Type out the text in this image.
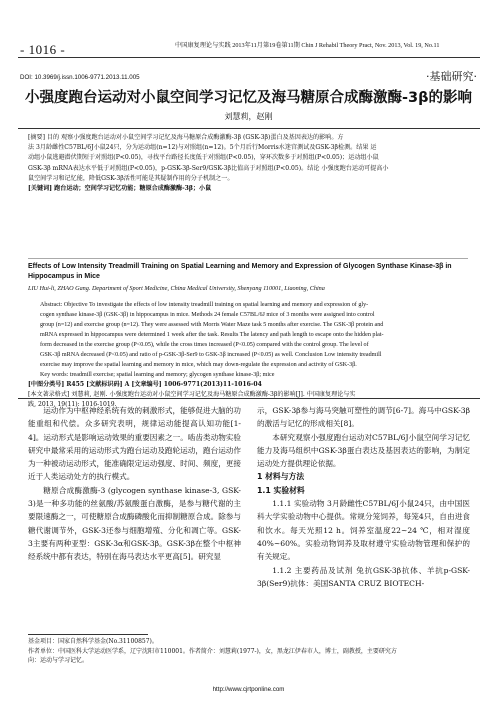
- 1016 -	中国康复理论与实践 2013年11月第19卷第11期 Chin J Rehabil Theory Pract, Nov. 2013, Vol. 19, No.11
DOI: 10.3969/j.issn.1006-9771.2013.11.005	·基础研究·
小强度跑台运动对小鼠空间学习记忆及海马糖原合成酶激酶-3β的影响
刘慧莉，赵刚
[摘要] 目的 观察小强度跑台运动对小鼠空间学习记忆及海马糖原合成酶激酶-3β (GSK-3β)蛋白及基因表达的影响。方
法 3月龄雌性C57BL/6J小鼠24只，分为运动组(n=12)与对照组(n=12)。5个月后行Morris水迷宫测试及GSK-3β检测。结果 运
动组小鼠逃避潜伏期短于对照组(P<0.05)，寻找平台路径长度低于对照组(P<0.05)，穿环次数多于对照组(P<0.05)；运动组小鼠
GSK-3β mRNA表达水平低于对照组(P<0.05)，p-GSK-3β-Ser9/GSK-3β比值高于对照组(P<0.05)。结论 小强度跑台运动可提高小
鼠空间学习和记忆能，降低GSK-3β活性可能是其疑制作用的分子机制之一。
[关键词] 跑台运动；空间学习记忆功能；糖原合成酶激酶-3β；小鼠
Effects of Low Intensity Treadmill Training on Spatial Learning and Memory and Expression of Glycogen Synthase Kinase-3β in Hippocampus in Mice
LIU Hui-li, ZHAO Gang. Department of Sport Medicine, China Medical University, Shenyang 110001, Liaoning, China
Abstract: Objective To investigate the effects of low intensity treadmill training on spatial learning and memory and expression of gly-
cogen synthase kinase-3β (GSK-3β) in hippocampus in mice. Methods 24 female C57BL/6J mice of 3 months were assigned into control
group (n=12) and exercise group (n=12). They were assessed with Morris Water Maze task 5 months after exercise. The GSK-3β protein and
mRNA expressed in hippocampus were determined 1 week after the task. Results The latency and path length to escape onto the hidden plat-
form decreased in the exercise group (P<0.05), while the cross times increased (P<0.05) compared with the control group. The level of
GSK-3β mRNA decreased (P<0.05) and ratio of p-GSK-3β-Ser9 to GSK-3β increased (P<0.05) as well. Conclusion Low intensity treadmill
exercise may improve the spatial learning and memory in mice, which may down-regulate the expression and activity of GSK-3β.
Key words: treadmill exercise; spatial learning and memory; glycogen synthase kinase-3β; mice
[中图分类号] R455 [文献标识码] A [文章编号] 1006-9771(2013)11-1016-04
[本文著录格式] 刘慧莉, 赵刚. 小强度跑台运动对小鼠空间学习记忆及海马糖原合成酶激酶-3β的影响[J]. 中国康复理论与实
践, 2013, 19(11): 1016-1019.

运动作为中枢神经系统有效的刺激形式，能够促进大脑的功能重组和代偿。众多研究表明，规律运动能提高认知功能[1-4]。运动形式是影响运动效果的重要因素之一。啮齿类动物实验研究中最常采用的运动形式为跑台运动及跑轮运动，跑台运动作为一种被动运动形式，能准确限定运动强度、时间、频度，更接近于人类运动处方的执行模式。

糖原合成酶激酶-3 (glycogen synthase kinase-3, GSK-3)是一种多功能的丝氨酸/苏氨酸蛋白激酶，是参与糖代谢的主要限速酶之一，可使糖原合成酶磷酸化而抑制糖原合成。除参与糖代谢调节外，GSK-3还参与细胞增殖、分化和凋亡等。GSK-3主要有两种亚型：GSK-3α和GSK-3β。GSK-3β在整个中枢神经系统中都有表达，特别在海马表达水平更高[5]。研究显

示，GSK-3β参与海马突触可塑性的调节[6-7]。海马中GSK-3β的激活与记忆的形成相关[8]。

本研究观察小强度跑台运动对C57BL/6J小鼠空间学习记忆能力及海马组织中GSK-3β蛋白表达及基因表达的影响，为制定运动处方提供理论依据。

1 材料与方法
1.1 实验材料

1.1.1 实验动物 3月龄雌性C57BL/6J小鼠24只，由中国医科大学实验动物中心提供。常规分笼饲养，每笼4只，自由进食和饮水。每天光照12 h。饲养室温度22~24 ℃，相对湿度40%~60%。实验动物饲养及取材遵守实验动物管理和保护的有关规定。

1.1.2 主要药品及试剂 兔抗GSK-3β抗体、羊抗p-GSK-3β(Ser9)抗体：美国SANTA CRUZ BIOTECH-

基金项目：国家自然科学基金(No.31100857)。
作者单位：中国医科大学运动医学系，辽宁沈阳市110001。作者简介：刘慧莉(1977-)，女，黑龙江伊春市人，博士，副教授，主要研究方
向：运动与学习记忆。
http://www.cjrtponline.com
